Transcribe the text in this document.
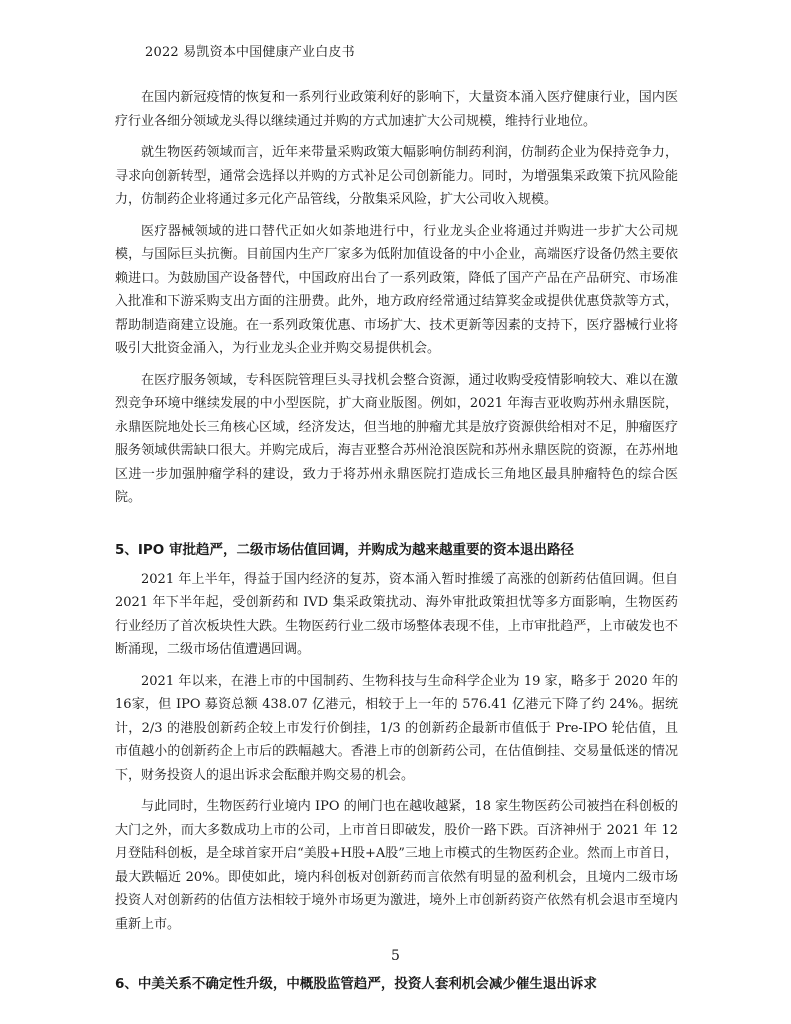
2022 易凯资本中国健康产业白皮书

在国内新冠疫情的恢复和一系列行业政策利好的影响下，大量资本涌入医疗健康行业，国内医疗行业各细分领域龙头得以继续通过并购的方式加速扩大公司规模，维持行业地位。

就生物医药领域而言，近年来带量采购政策大幅影响仿制药利润，仿制药企业为保持竞争力，寻求向创新转型，通常会选择以并购的方式补足公司创新能力。同时，为增强集采政策下抗风险能力，仿制药企业将通过多元化产品管线，分散集采风险，扩大公司收入规模。

医疗器械领域的进口替代正如火如荼地进行中，行业龙头企业将通过并购进一步扩大公司规模，与国际巨头抗衡。目前国内生产厂家多为低附加值设备的中小企业，高端医疗设备仍然主要依赖进口。为鼓励国产设备替代，中国政府出台了一系列政策，降低了国产产品在产品研究、市场准入批准和下游采购支出方面的注册费。此外，地方政府经常通过结算奖金或提供优惠贷款等方式，帮助制造商建立设施。在一系列政策优惠、市场扩大、技术更新等因素的支持下，医疗器械行业将吸引大批资金涌入，为行业龙头企业并购交易提供机会。

在医疗服务领域，专科医院管理巨头寻找机会整合资源，通过收购受疫情影响较大、难以在激烈竞争环境中继续发展的中小型医院，扩大商业版图。例如，2021 年海吉亚收购苏州永鼎医院，永鼎医院地处长三角核心区域，经济发达，但当地的肿瘤尤其是放疗资源供给相对不足，肿瘤医疗服务领域供需缺口很大。并购完成后，海吉亚整合苏州沧浪医院和苏州永鼎医院的资源，在苏州地区进一步加强肿瘤学科的建设，致力于将苏州永鼎医院打造成长三角地区最具肿瘤特色的综合医院。

5、IPO 审批趋严，二级市场估值回调，并购成为越来越重要的资本退出路径

2021 年上半年，得益于国内经济的复苏，资本涌入暂时推缓了高涨的创新药估值回调。但自 2021 年下半年起，受创新药和 IVD 集采政策扰动、海外审批政策担忧等多方面影响，生物医药行业经历了首次板块性大跌。生物医药行业二级市场整体表现不佳，上市审批趋严，上市破发也不断涌现，二级市场估值遭遇回调。

2021 年以来，在港上市的中国制药、生物科技与生命科学企业为 19 家，略多于 2020 年的 16家，但 IPO 募资总额 438.07 亿港元，相较于上一年的 576.41 亿港元下降了约 24%。据统计，2/3 的港股创新药企较上市发行价倒挂，1/3 的创新药企最新市值低于 Pre-IPO 轮估值，且市值越小的创新药企上市后的跌幅越大。香港上市的创新药公司，在估值倒挂、交易量低迷的情况下，财务投资人的退出诉求会酝酿并购交易的机会。

与此同时，生物医药行业境内 IPO 的闸门也在越收越紧，18 家生物医药公司被挡在科创板的大门之外，而大多数成功上市的公司，上市首日即破发，股价一路下跌。百济神州于 2021 年 12 月登陆科创板，是全球首家开启“美股+H股+A股”三地上市模式的生物医药企业。然而上市首日，最大跌幅近 20%。即使如此，境内科创板对创新药而言依然有明显的盈利机会，且境内二级市场投资人对创新药的估值方法相较于境外市场更为激进，境外上市创新药资产依然有机会退市至境内重新上市。

6、中美关系不确定性升级，中概股监管趋严，投资人套利机会减少催生退出诉求
5
